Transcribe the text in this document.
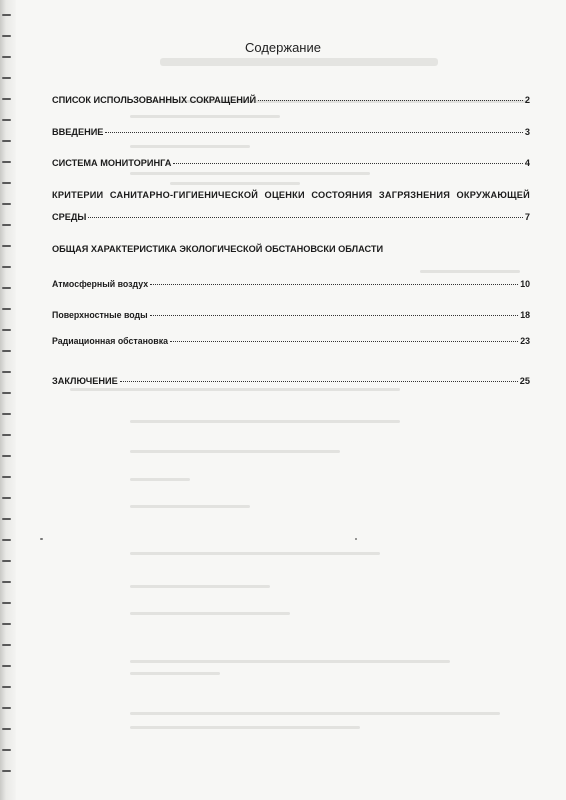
Содержание
СПИСОК ИСПОЛЬЗОВАННЫХ СОКРАЩЕНИЙ	2
ВВЕДЕНИЕ	3
СИСТЕМА МОНИТОРИНГА	4
КРИТЕРИИ САНИТАРНО-ГИГИЕНИЧЕСКОЙ ОЦЕНКИ СОСТОЯНИЯ ЗАГРЯЗНЕНИЯ ОКРУЖАЮЩЕЙ
СРЕДЫ	7
ОБЩАЯ ХАРАКТЕРИСТИКА ЭКОЛОГИЧЕСКОЙ ОБСТАНОВСКИ ОБЛАСТИ
Атмосферный воздух	10
Поверхностные воды	18
Радиационная обстановка	23
ЗАКЛЮЧЕНИЕ	25
